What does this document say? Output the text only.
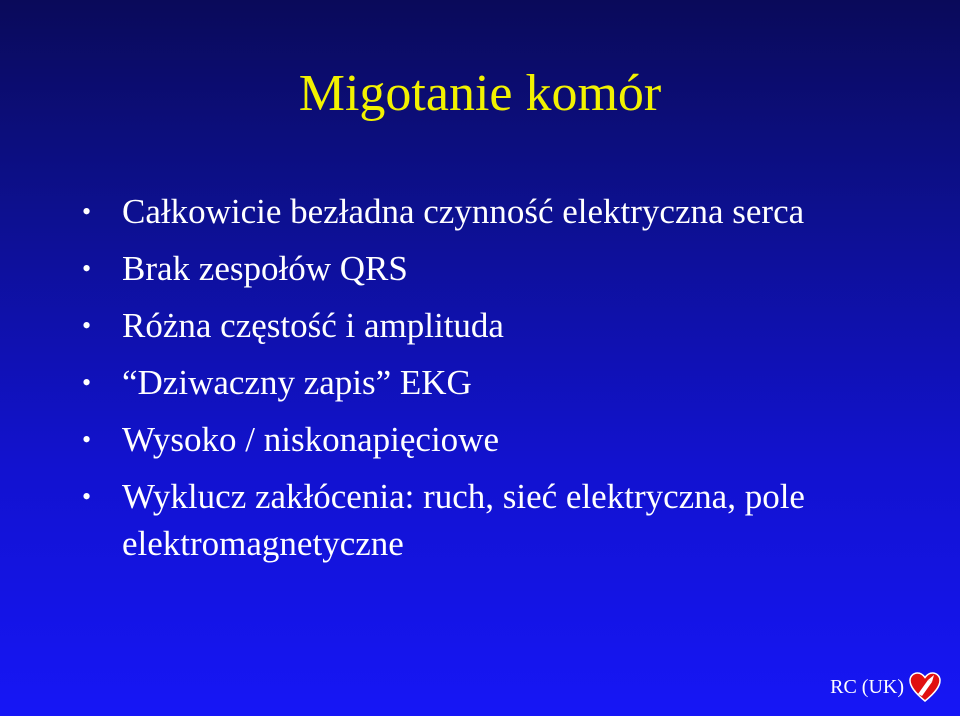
Migotanie komór
• Całkowicie bezładna czynność elektryczna serca
• Brak zespołów QRS
• Różna częstość i amplituda
• “Dziwaczny zapis” EKG
• Wysoko / niskonapięciowe
• Wyklucz zakłócenia: ruch, sieć elektryczna, pole elektromagnetyczne
RC (UK)
